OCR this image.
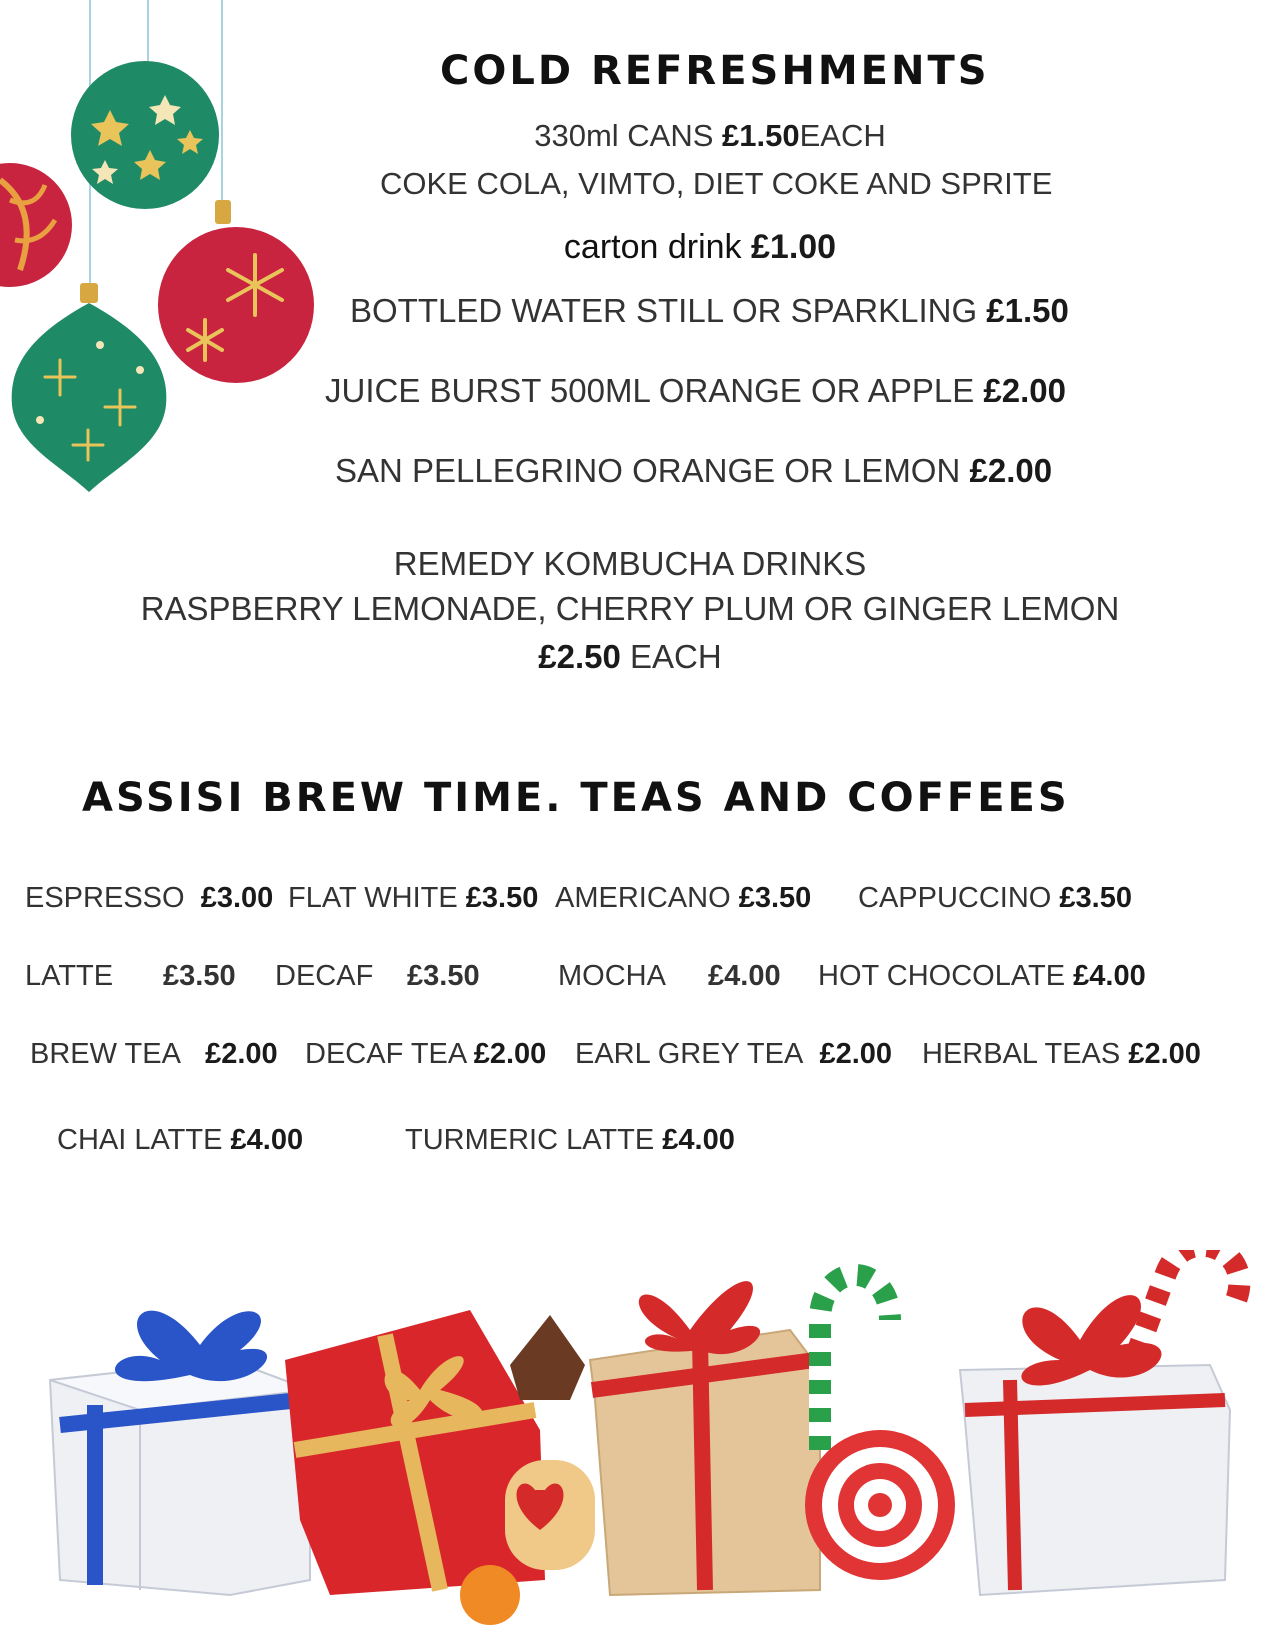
COLD REFRESHMENTS
330ml CANS £1.50EACH
COKE COLA, VIMTO, DIET COKE AND SPRITE
carton drink £1.00
BOTTLED WATER STILL OR SPARKLING £1.50
JUICE BURST 500ML ORANGE OR APPLE £2.00
SAN PELLEGRINO ORANGE OR LEMON £2.00
REMEDY KOMBUCHA DRINKS
RASPBERRY LEMONADE, CHERRY PLUM OR GINGER LEMON
£2.50 EACH
ASSISI BREW TIME. TEAS AND COFFEES
ESPRESSO £3.00 FLAT WHITE £3.50 AMERICANO £3.50 CAPPUCCINO £3.50
LATTE £3.50 DECAF £3.50	MOCHA £4.00 HOT CHOCOLATE £4.00
BREW TEA £2.00 DECAF TEA £2.00 EARL GREY TEA £2.00 HERBAL TEAS £2.00
CHAI LATTE £4.00	TURMERIC LATTE £4.00
